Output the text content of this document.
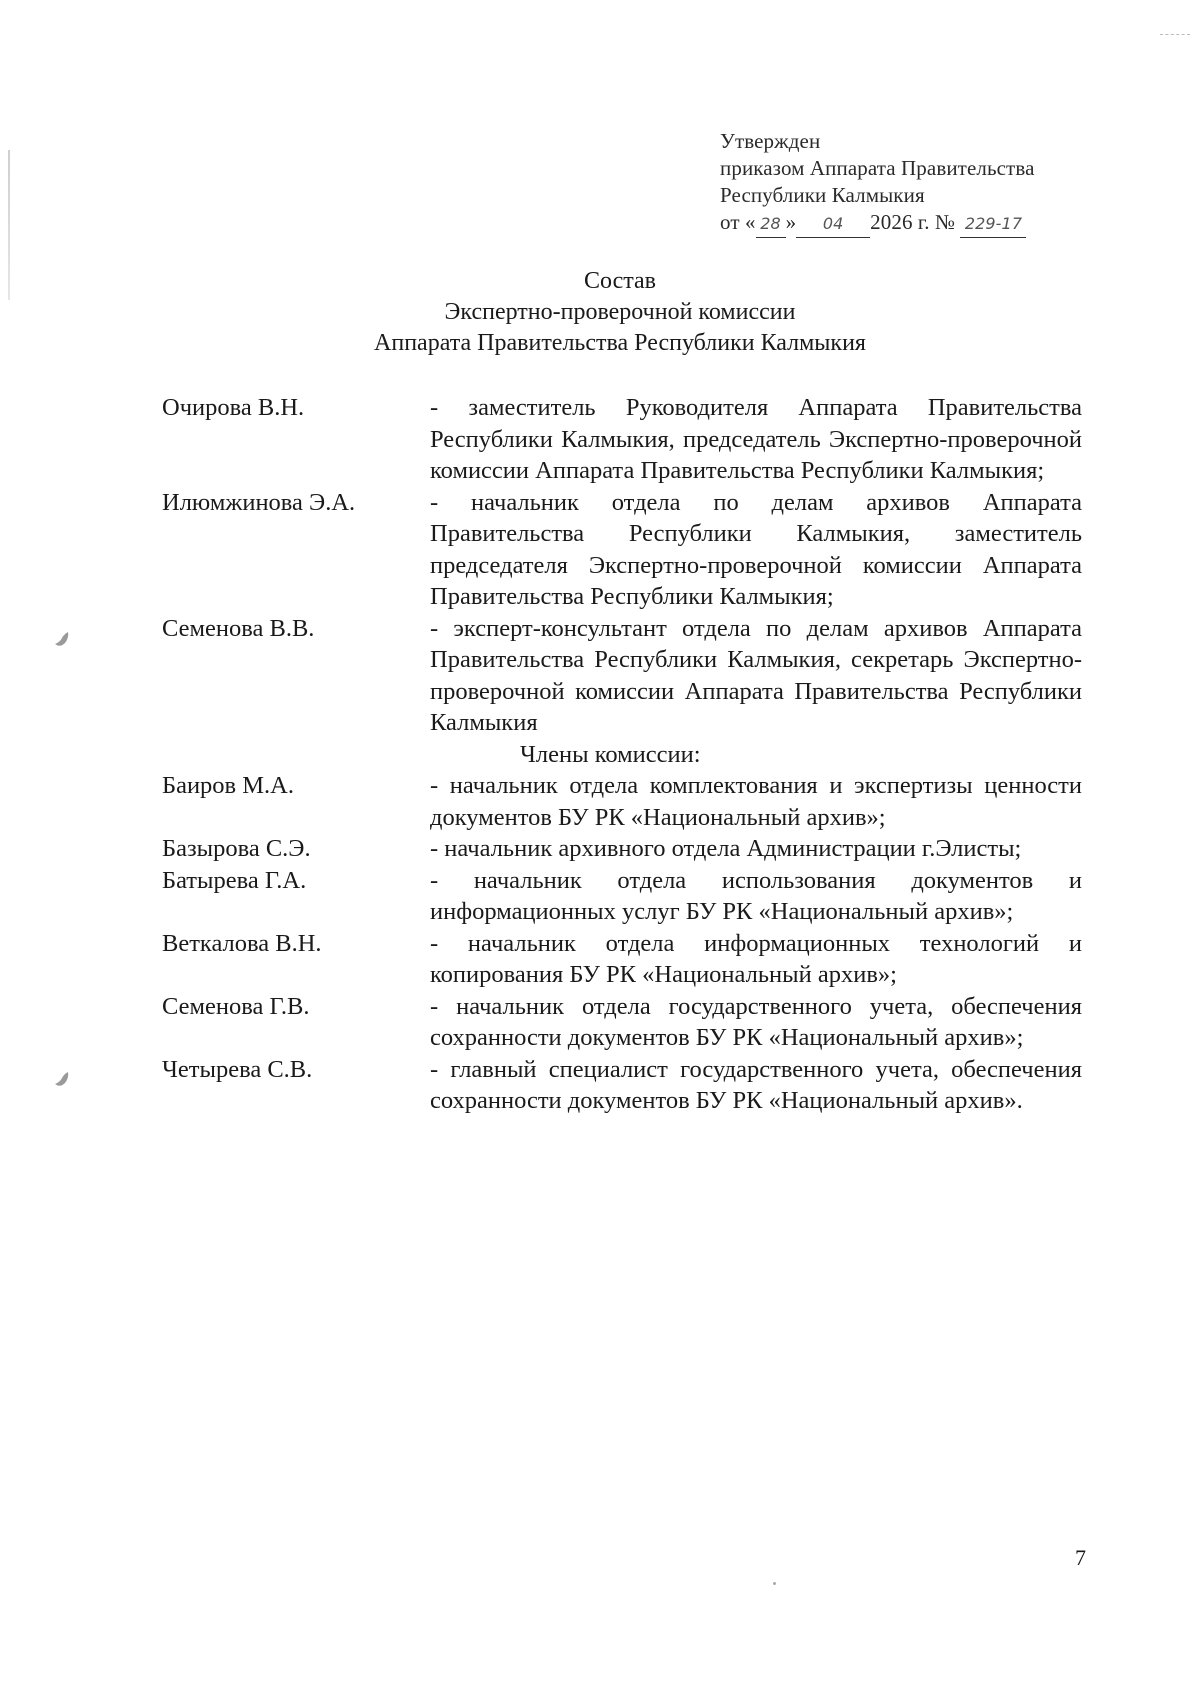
Утвержден
приказом Аппарата Правительства
Республики Калмыкия
от « 28 » 04 2026 г. № 229-17
Состав
Экспертно-проверочной комиссии
Аппарата Правительства Республики Калмыкия
Очирова В.Н.	- заместитель Руководителя Аппарата Правительства Республики Калмыкия, председатель Экспертно-проверочной комиссии Аппарата Правительства Республики Калмыкия;
Илюмжинова Э.А.	- начальник отдела по делам архивов Аппарата Правительства Республики Калмыкия, заместитель председателя Экспертно-проверочной комиссии Аппарата Правительства Республики Калмыкия;
Семенова В.В.	- эксперт-консультант отдела по делам архивов Аппарата Правительства Республики Калмыкия, секретарь Экспертно-проверочной комиссии Аппарата Правительства Республики Калмыкия
Члены комиссии:
Баиров М.А.	- начальник отдела комплектования и экспертизы ценности документов БУ РК «Национальный архив»;
Базырова С.Э.	- начальник архивного отдела Администрации г.Элисты;
Батырева Г.А.	- начальник отдела использования документов и информационных услуг БУ РК «Национальный архив»;
Веткалова В.Н.	- начальник отдела информационных технологий и копирования БУ РК «Национальный архив»;
Семенова Г.В.	- начальник отдела государственного учета, обеспечения сохранности документов БУ РК «Национальный архив»;
Четырева С.В.	- главный специалист государственного учета, обеспечения сохранности документов БУ РК «Национальный архив».
7
